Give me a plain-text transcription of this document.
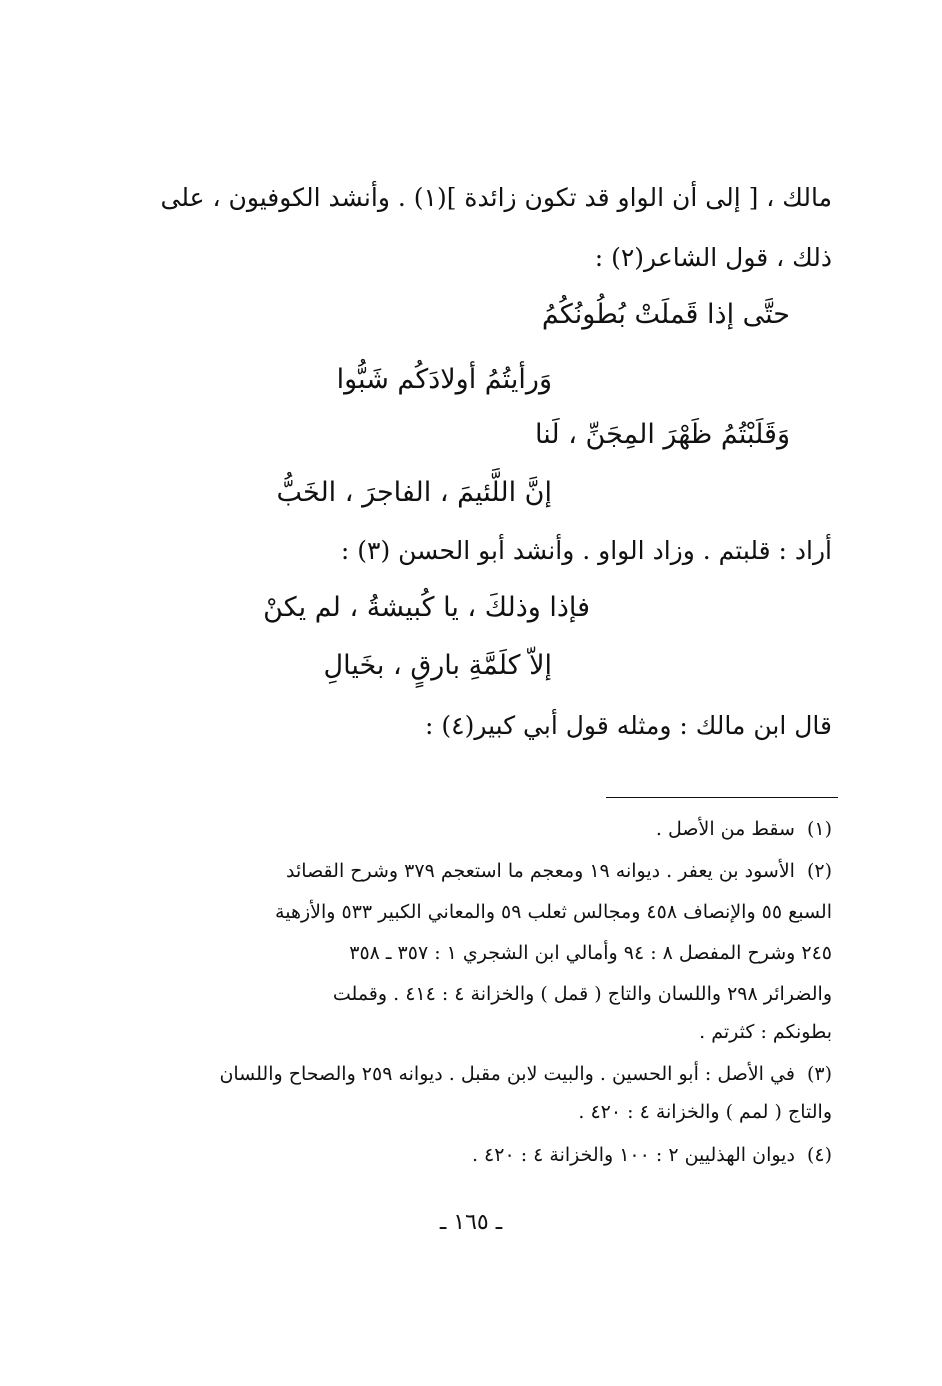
مالك ، [ إلى أن الواو قد تكون زائدة ](١) . وأنشد الكوفيون ، على
ذلك ، قول الشاعر(٢) :
حتَّى إذا قَملَتْ بُطُونُكُمُ
وَرأيتُمُ أولادَكُم شَبُّوا
وَقَلَبْتُمُ ظَهْرَ المِجَنِّ ، لَنا
إنَّ اللَّئيمَ ، الفاجرَ ، الخَبُّ
أراد : قلبتم . وزاد الواو . وأنشد أبو الحسن (٣) :
فإذا وذلكَ ، يا كُبيشةُ ، لم يكنْ
إلاّ كلَمَّةِ بارقٍ ، بخَيالِ
قال ابن مالك : ومثله قول أبي كبير(٤) :
(١)سقط من الأصل .
(٢)الأسود بن يعفر . ديوانه ١٩ ومعجم ما استعجم ٣٧٩ وشرح القصائد
السبع ٥٥ والإنصاف ٤٥٨ ومجالس ثعلب ٥٩ والمعاني الكبير ٥٣٣ والأزهية
٢٤٥ وشرح المفصل ٨ : ٩٤ وأمالي ابن الشجري ١ : ٣٥٧ ـ ٣٥٨
والضرائر ٢٩٨ واللسان والتاج ( قمل ) والخزانة ٤ : ٤١٤ . وقملت
بطونكم : كثرتم .
(٣)في الأصل : أبو الحسين . والبيت لابن مقبل . ديوانه ٢٥٩ والصحاح واللسان
والتاج ( لمم ) والخزانة ٤ : ٤٢٠ .
(٤)ديوان الهذليين ٢ : ١٠٠ والخزانة ٤ : ٤٢٠ .
ـ ١٦٥ ـ
